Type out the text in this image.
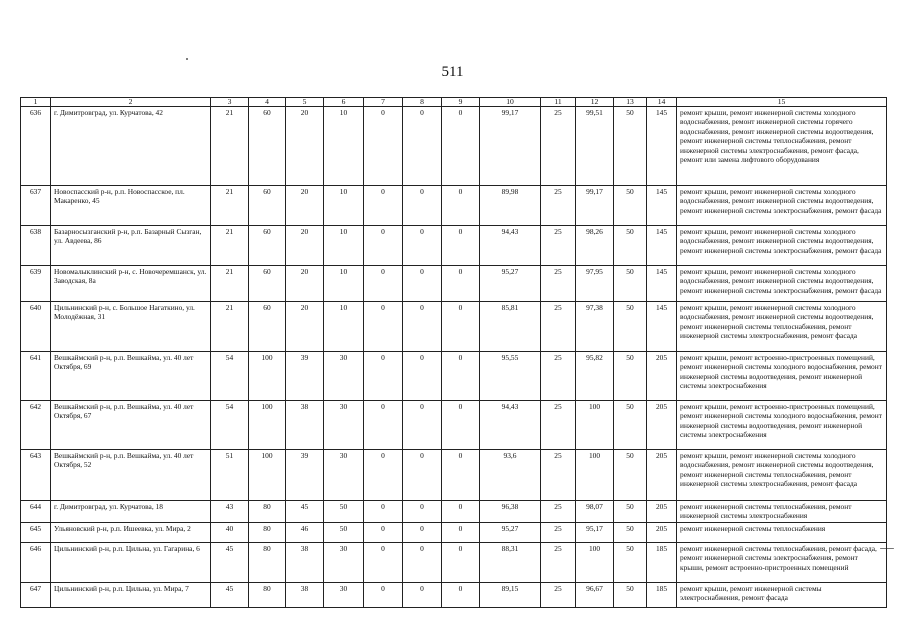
511
1	2	3	4	5	6	7	8	9	10	11	12	13	14	15
636	г. Димитровград, ул. Курчатова, 42	21	60	20	10	0	0	0	99,17	25	99,51	50	145	ремонт крыши, ремонт инженерной системы холодного водоснабжения, ремонт инженерной системы горячего водоснабжения, ремонт инженерной системы водоотведения, ремонт инженерной системы теплоснабжения, ремонт инженерной системы электроснабжения, ремонт фасада, ремонт или замена лифтового оборудования
637	Новоспасский р-н, р.п. Новоспасское, пл. Макаренко, 45	21	60	20	10	0	0	0	89,98	25	99,17	50	145	ремонт крыши, ремонт инженерной системы холодного водоснабжения, ремонт инженерной системы водоотведения, ремонт инженерной системы электроснабжения, ремонт фасада
638	Базарносызганский р-н, р.п. Базарный Сызган, ул. Авдеева, 86	21	60	20	10	0	0	0	94,43	25	98,26	50	145	ремонт крыши, ремонт инженерной системы холодного водоснабжения, ремонт инженерной системы водоотведения, ремонт инженерной системы электроснабжения, ремонт фасада
639	Новомалыклинский р-н, с. Новочеремшанск, ул. Заводская, 8а	21	60	20	10	0	0	0	95,27	25	97,95	50	145	ремонт крыши, ремонт инженерной системы холодного водоснабжения, ремонт инженерной системы водоотведения, ремонт инженерной системы электроснабжения, ремонт фасада
640	Цильнинский р-н, с. Большое Нагаткино, ул. Молодёжная, 31	21	60	20	10	0	0	0	85,81	25	97,38	50	145	ремонт крыши, ремонт инженерной системы холодного водоснабжения, ремонт инженерной системы водоотведения, ремонт инженерной системы теплоснабжения, ремонт инженерной системы электроснабжения, ремонт фасада
641	Вешкаймский р-н, р.п. Вешкайма, ул. 40 лет Октября, 69	54	100	39	30	0	0	0	95,55	25	95,82	50	205	ремонт крыши, ремонт встроенно-пристроенных помещений, ремонт инженерной системы холодного водоснабжения, ремонт инженерной системы водоотведения, ремонт инженерной системы электроснабжения
642	Вешкаймский р-н, р.п. Вешкайма, ул. 40 лет Октября, 67	54	100	38	30	0	0	0	94,43	25	100	50	205	ремонт крыши, ремонт встроенно-пристроенных помещений, ремонт инженерной системы холодного водоснабжения, ремонт инженерной системы водоотведения, ремонт инженерной системы электроснабжения
643	Вешкаймский р-н, р.п. Вешкайма, ул. 40 лет Октября, 52	51	100	39	30	0	0	0	93,6	25	100	50	205	ремонт крыши, ремонт инженерной системы холодного водоснабжения, ремонт инженерной системы водоотведения, ремонт инженерной системы теплоснабжения, ремонт инженерной системы электроснабжения, ремонт фасада
644	г. Димитровград, ул. Курчатова, 18	43	80	45	50	0	0	0	96,38	25	98,07	50	205	ремонт инженерной системы теплоснабжения, ремонт инженерной системы электроснабжения
645	Ульяновский р-н, р.п. Ишеевка, ул. Мира, 2	40	80	46	50	0	0	0	95,27	25	95,17	50	205	ремонт инженерной системы теплоснабжения
646	Цильнинский р-н, р.п. Цильна, ул. Гагарина, 6	45	80	38	30	0	0	0	88,31	25	100	50	185	ремонт инженерной системы теплоснабжения, ремонт фасада, ремонт инженерной системы электроснабжения, ремонт крыши, ремонт встроенно-пристроенных помещений
647	Цильнинский р-н, р.п. Цильна, ул. Мира, 7	45	80	38	30	0	0	0	89,15	25	96,67	50	185	ремонт крыши, ремонт инженерной системы электроснабжения, ремонт фасада
